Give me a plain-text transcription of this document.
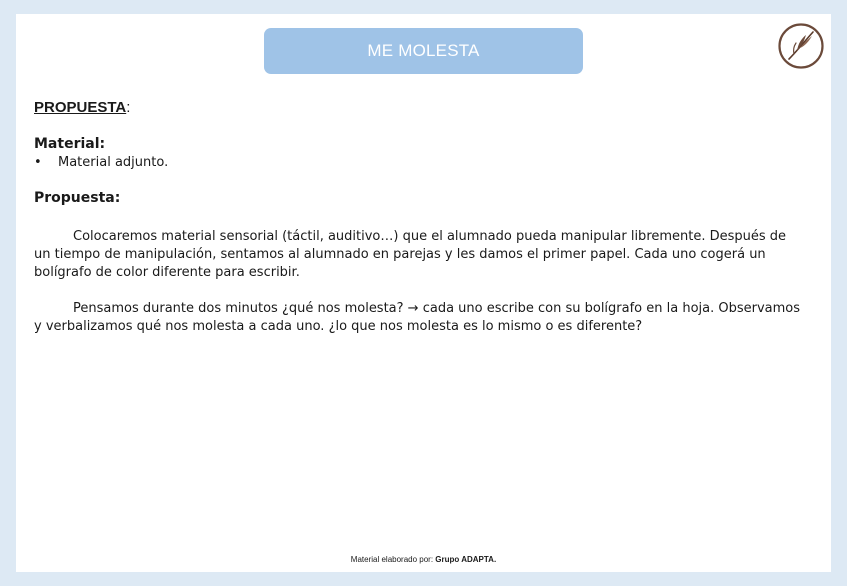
ME MOLESTA
PROPUESTA:
Material:
• Material adjunto.
Propuesta:

Colocaremos material sensorial (táctil, auditivo…) que el alumnado pueda manipular libremente. Después de un tiempo de manipulación, sentamos al alumnado en parejas y les damos el primer papel. Cada uno cogerá un bolígrafo de color diferente para escribir.

Pensamos durante dos minutos ¿qué nos molesta? → cada uno escribe con su bolígrafo en la hoja. Observamos y verbalizamos qué nos molesta a cada uno. ¿lo que nos molesta es lo mismo o es diferente?

Material elaborado por: Grupo ADAPTA.
